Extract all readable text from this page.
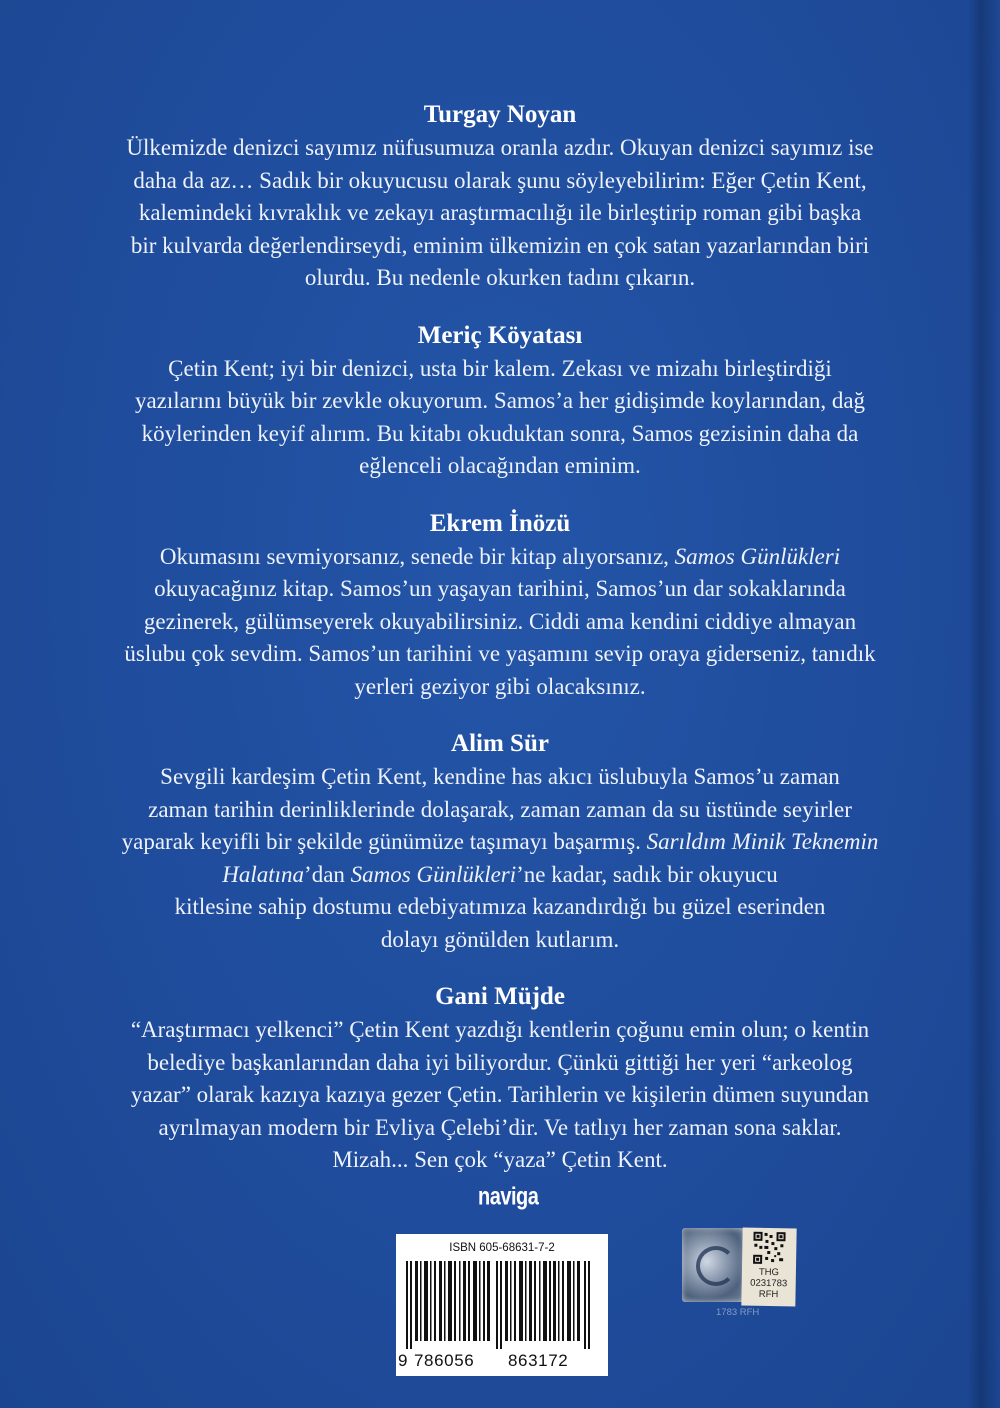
Turgay Noyan

Ülkemizde denizci sayımız nüfusumuza oranla azdır. Okuyan denizci sayımız ise
daha da az… Sadık bir okuyucusu olarak şunu söyleyebilirim: Eğer Çetin Kent,
kalemindeki kıvraklık ve zekayı araştırmacılığı ile birleştirip roman gibi başka
bir kulvarda değerlendirseydi, eminim ülkemizin en çok satan yazarlarından biri
olurdu. Bu nedenle okurken tadını çıkarın.

Meriç Köyatası

Çetin Kent; iyi bir denizci, usta bir kalem. Zekası ve mizahı birleştirdiği
yazılarını büyük bir zevkle okuyorum. Samos’a her gidişimde koylarından, dağ
köylerinden keyif alırım. Bu kitabı okuduktan sonra, Samos gezisinin daha da
eğlenceli olacağından eminim.

Ekrem İnözü

Okumasını sevmiyorsanız, senede bir kitap alıyorsanız, Samos Günlükleri
okuyacağınız kitap. Samos’un yaşayan tarihini, Samos’un dar sokaklarında
gezinerek, gülümseyerek okuyabilirsiniz. Ciddi ama kendini ciddiye almayan
üslubu çok sevdim. Samos’un tarihini ve yaşamını sevip oraya giderseniz, tanıdık
yerleri geziyor gibi olacaksınız.

Alim Sür

Sevgili kardeşim Çetin Kent, kendine has akıcı üslubuyla Samos’u zaman
zaman tarihin derinliklerinde dolaşarak, zaman zaman da su üstünde seyirler
yaparak keyifli bir şekilde günümüze taşımayı başarmış. Sarıldım Minik Teknemin
Halatına’dan Samos Günlükleri’ne kadar, sadık bir okuyucu
kitlesine sahip dostumu edebiyatımıza kazandırdığı bu güzel eserinden
dolayı gönülden kutlarım.

Gani Müjde

“Araştırmacı yelkenci” Çetin Kent yazdığı kentlerin çoğunu emin olun; o kentin
belediye başkanlarından daha iyi biliyordur. Çünkü gittiği her yeri “arkeolog
yazar” olarak kazıya kazıya gezer Çetin. Tarihlerin ve kişilerin dümen suyundan
ayrılmayan modern bir Evliya Çelebi’dir. Ve tatlıyı her zaman sona saklar.
Mizah... Sen çok “yaza” Çetin Kent.

naviga
ISBN 605-68631-7-2
9 786056 863172
THG
0231783
RFH
1783 RFH
